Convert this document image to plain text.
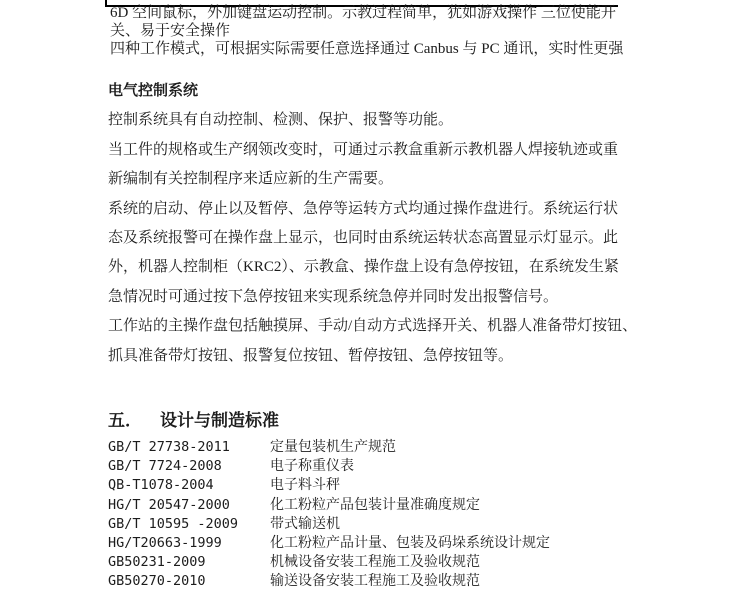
6D 空间鼠标，外加键盘运动控制。示教过程简单，犹如游戏操作 三位使能开
关、易于安全操作
四种工作模式，可根据实际需要任意选择通过 Canbus 与 PC 通讯，实时性更强
电气控制系统
控制系统具有自动控制、检测、保护、报警等功能。
当工件的规格或生产纲领改变时，可通过示教盒重新示教机器人焊接轨迹或重
新编制有关控制程序来适应新的生产需要。
系统的启动、停止以及暂停、急停等运转方式均通过操作盘进行。系统运行状
态及系统报警可在操作盘上显示，也同时由系统运转状态高置显示灯显示。此
外，机器人控制柜（KRC2）、示教盒、操作盘上设有急停按钮，在系统发生紧
急情况时可通过按下急停按钮来实现系统急停并同时发出报警信号。
工作站的主操作盘包括触摸屏、手动/自动方式选择开关、机器人准备带灯按钮、
抓具准备带灯按钮、报警复位按钮、暂停按钮、急停按钮等。
五． 设计与制造标准
GB/T 27738-2011	定量包装机生产规范
GB/T 7724-2008	电子称重仪表
QB-T1078-2004	电子料斗秤
HG/T 20547-2000	化工粉粒产品包装计量准确度规定
GB/T 10595 -2009 带式输送机
HG/T20663-1999	化工粉粒产品计量、包装及码垛系统设计规定
GB50231-2009	机械设备安装工程施工及验收规范
GB50270-2010	输送设备安装工程施工及验收规范
